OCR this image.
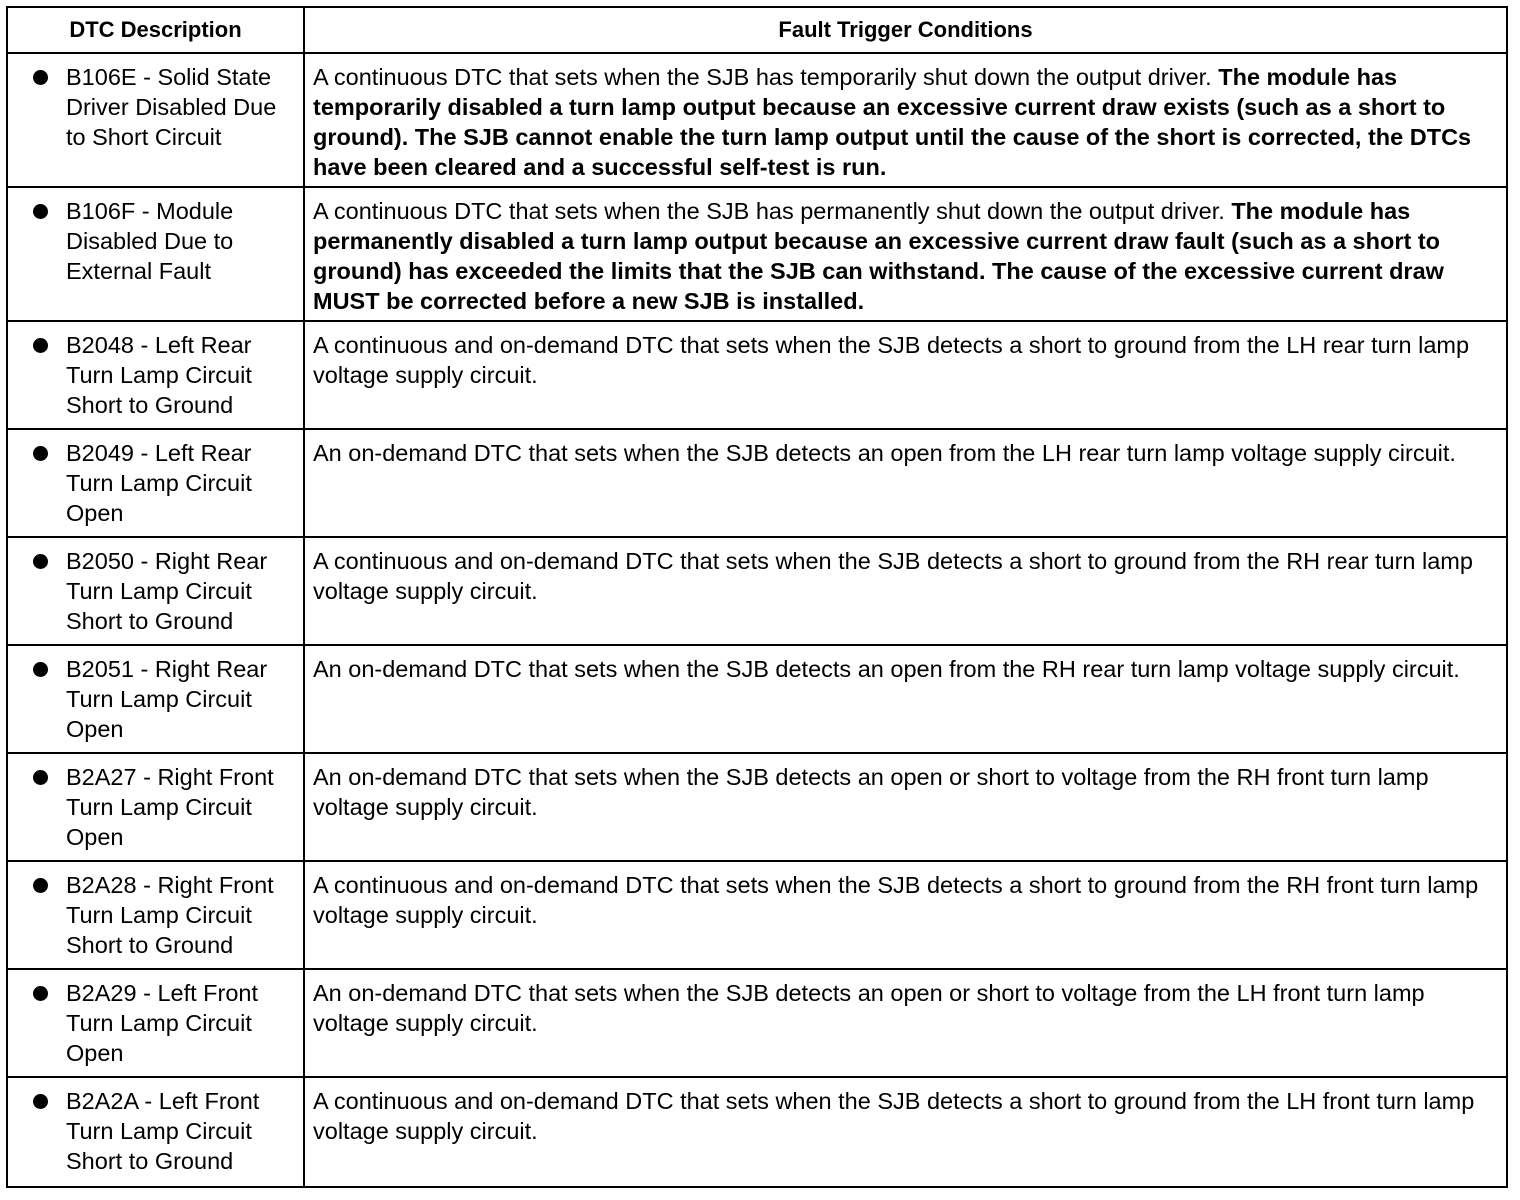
DTC Description	Fault Trigger Conditions

B106E - Solid State Driver Disabled Due to Short Circuit	A continuous DTC that sets when the SJB has temporarily shut down the output driver. The module has temporarily disabled a turn lamp output because an excessive current draw exists (such as a short to ground). The SJB cannot enable the turn lamp output until the cause of the short is corrected, the DTCs have been cleared and a successful self-test is run.

B106F - Module Disabled Due to External Fault	A continuous DTC that sets when the SJB has permanently shut down the output driver. The module has permanently disabled a turn lamp output because an excessive current draw fault (such as a short to ground) has exceeded the limits that the SJB can withstand. The cause of the excessive current draw MUST be corrected before a new SJB is installed.

B2048 - Left Rear Turn Lamp Circuit Short to Ground	A continuous and on-demand DTC that sets when the SJB detects a short to ground from the LH rear turn lamp voltage supply circuit.

B2049 - Left Rear Turn Lamp Circuit Open	An on-demand DTC that sets when the SJB detects an open from the LH rear turn lamp voltage supply circuit.

B2050 - Right Rear Turn Lamp Circuit Short to Ground	A continuous and on-demand DTC that sets when the SJB detects a short to ground from the RH rear turn lamp voltage supply circuit.

B2051 - Right Rear Turn Lamp Circuit Open	An on-demand DTC that sets when the SJB detects an open from the RH rear turn lamp voltage supply circuit.

B2A27 - Right Front Turn Lamp Circuit Open	An on-demand DTC that sets when the SJB detects an open or short to voltage from the RH front turn lamp voltage supply circuit.

B2A28 - Right Front Turn Lamp Circuit Short to Ground	A continuous and on-demand DTC that sets when the SJB detects a short to ground from the RH front turn lamp voltage supply circuit.

B2A29 - Left Front Turn Lamp Circuit Open	An on-demand DTC that sets when the SJB detects an open or short to voltage from the LH front turn lamp voltage supply circuit.

B2A2A - Left Front Turn Lamp Circuit Short to Ground	A continuous and on-demand DTC that sets when the SJB detects a short to ground from the LH front turn lamp voltage supply circuit.
